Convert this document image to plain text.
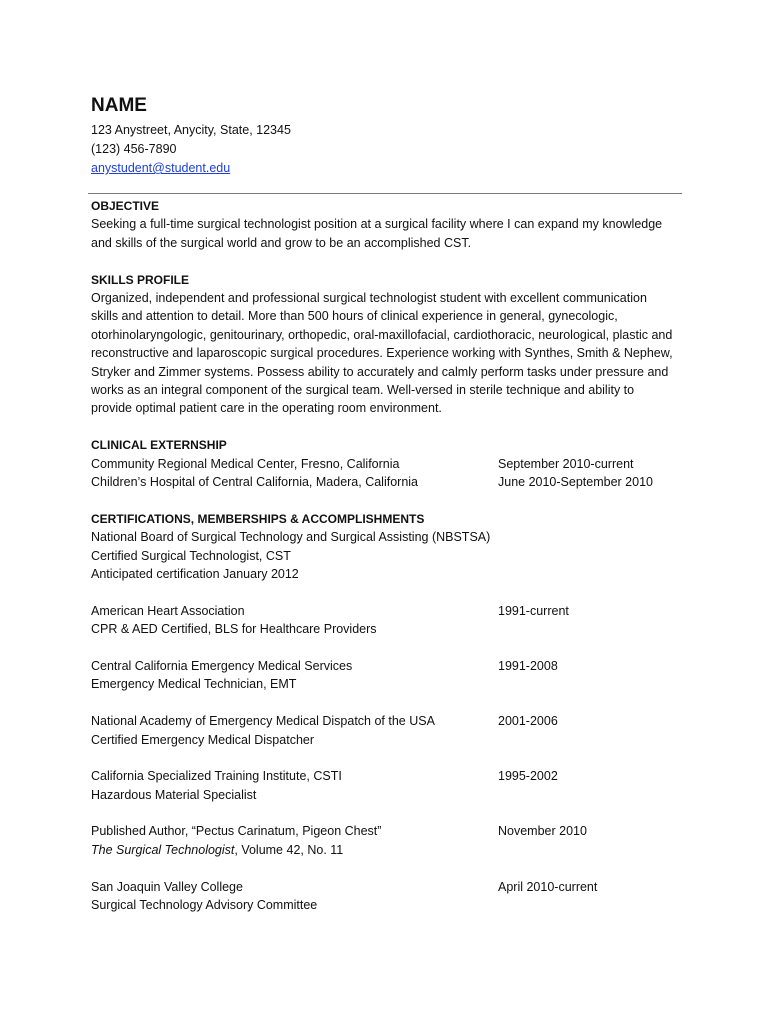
NAME
123 Anystreet, Anycity, State, 12345
(123) 456-7890
anystudent@student.edu

OBJECTIVE

Seeking a full-time surgical technologist position at a surgical facility where I can expand my knowledge and skills of the surgical world and grow to be an accomplished CST.

SKILLS PROFILE

Organized, independent and professional surgical technologist student with excellent communication skills and attention to detail. More than 500 hours of clinical experience in general, gynecologic, otorhinolaryngologic, genitourinary, orthopedic, oral-maxillofacial, cardiothoracic, neurological, plastic and reconstructive and laparoscopic surgical procedures. Experience working with Synthes, Smith & Nephew, Stryker and Zimmer systems. Possess ability to accurately and calmly perform tasks under pressure and works as an integral component of the surgical team. Well-versed in sterile technique and ability to provide optimal patient care in the operating room environment.

CLINICAL EXTERNSHIP

Community Regional Medical Center, Fresno, California	September 2010-current
Children’s Hospital of Central California, Madera, California	June 2010-September 2010

CERTIFICATIONS, MEMBERSHIPS & ACCOMPLISHMENTS

National Board of Surgical Technology and Surgical Assisting (NBSTSA)
Certified Surgical Technologist, CST
Anticipated certification January 2012
American Heart Association	1991-current
CPR & AED Certified, BLS for Healthcare Providers
Central California Emergency Medical Services	1991-2008
Emergency Medical Technician, EMT
National Academy of Emergency Medical Dispatch of the USA	2001-2006
Certified Emergency Medical Dispatcher
California Specialized Training Institute, CSTI	1995-2002
Hazardous Material Specialist
Published Author, “Pectus Carinatum, Pigeon Chest”	November 2010
The Surgical Technologist, Volume 42, No. 11
San Joaquin Valley College	April 2010-current
Surgical Technology Advisory Committee
